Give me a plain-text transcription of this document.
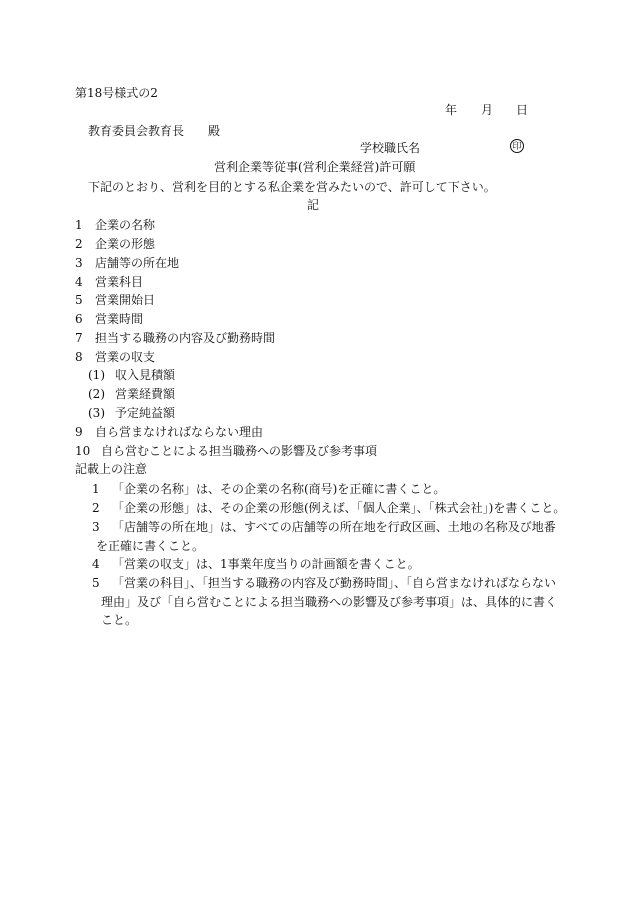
第18号様式の2
年 月 日
教育委員会教育長　　殿
学校職氏名	印
営利企業等従事(営利企業経営)許可願
下記のとおり、営利を目的とする私企業を営みたいので、許可して下さい。
記
1 企業の名称
2 企業の形態
3 店舗等の所在地
4 営業科目
5 営業開始日
6 営業時間
7 担当する職務の内容及び勤務時間
8 営業の収支
(1) 収入見積額
(2) 営業経費額
(3) 予定純益額
9 自ら営まなければならない理由
10 自ら営むことによる担当職務への影響及び参考事項
記載上の注意
1 「企業の名称」は、その企業の名称(商号)を正確に書くこと。
2 「企業の形態」は、その企業の形態(例えば、「個人企業」、「株式会社」)を書くこと。
3 「店舗等の所在地」は、すべての店舗等の所在地を行政区画、土地の名称及び地番
を正確に書くこと。
4 「営業の収支」は、1事業年度当りの計画額を書くこと。
5 「営業の科目」、「担当する職務の内容及び勤務時間」、「自ら営まなければならない
理由」及び「自ら営むことによる担当職務への影響及び参考事項」は、具体的に書く
こと。
